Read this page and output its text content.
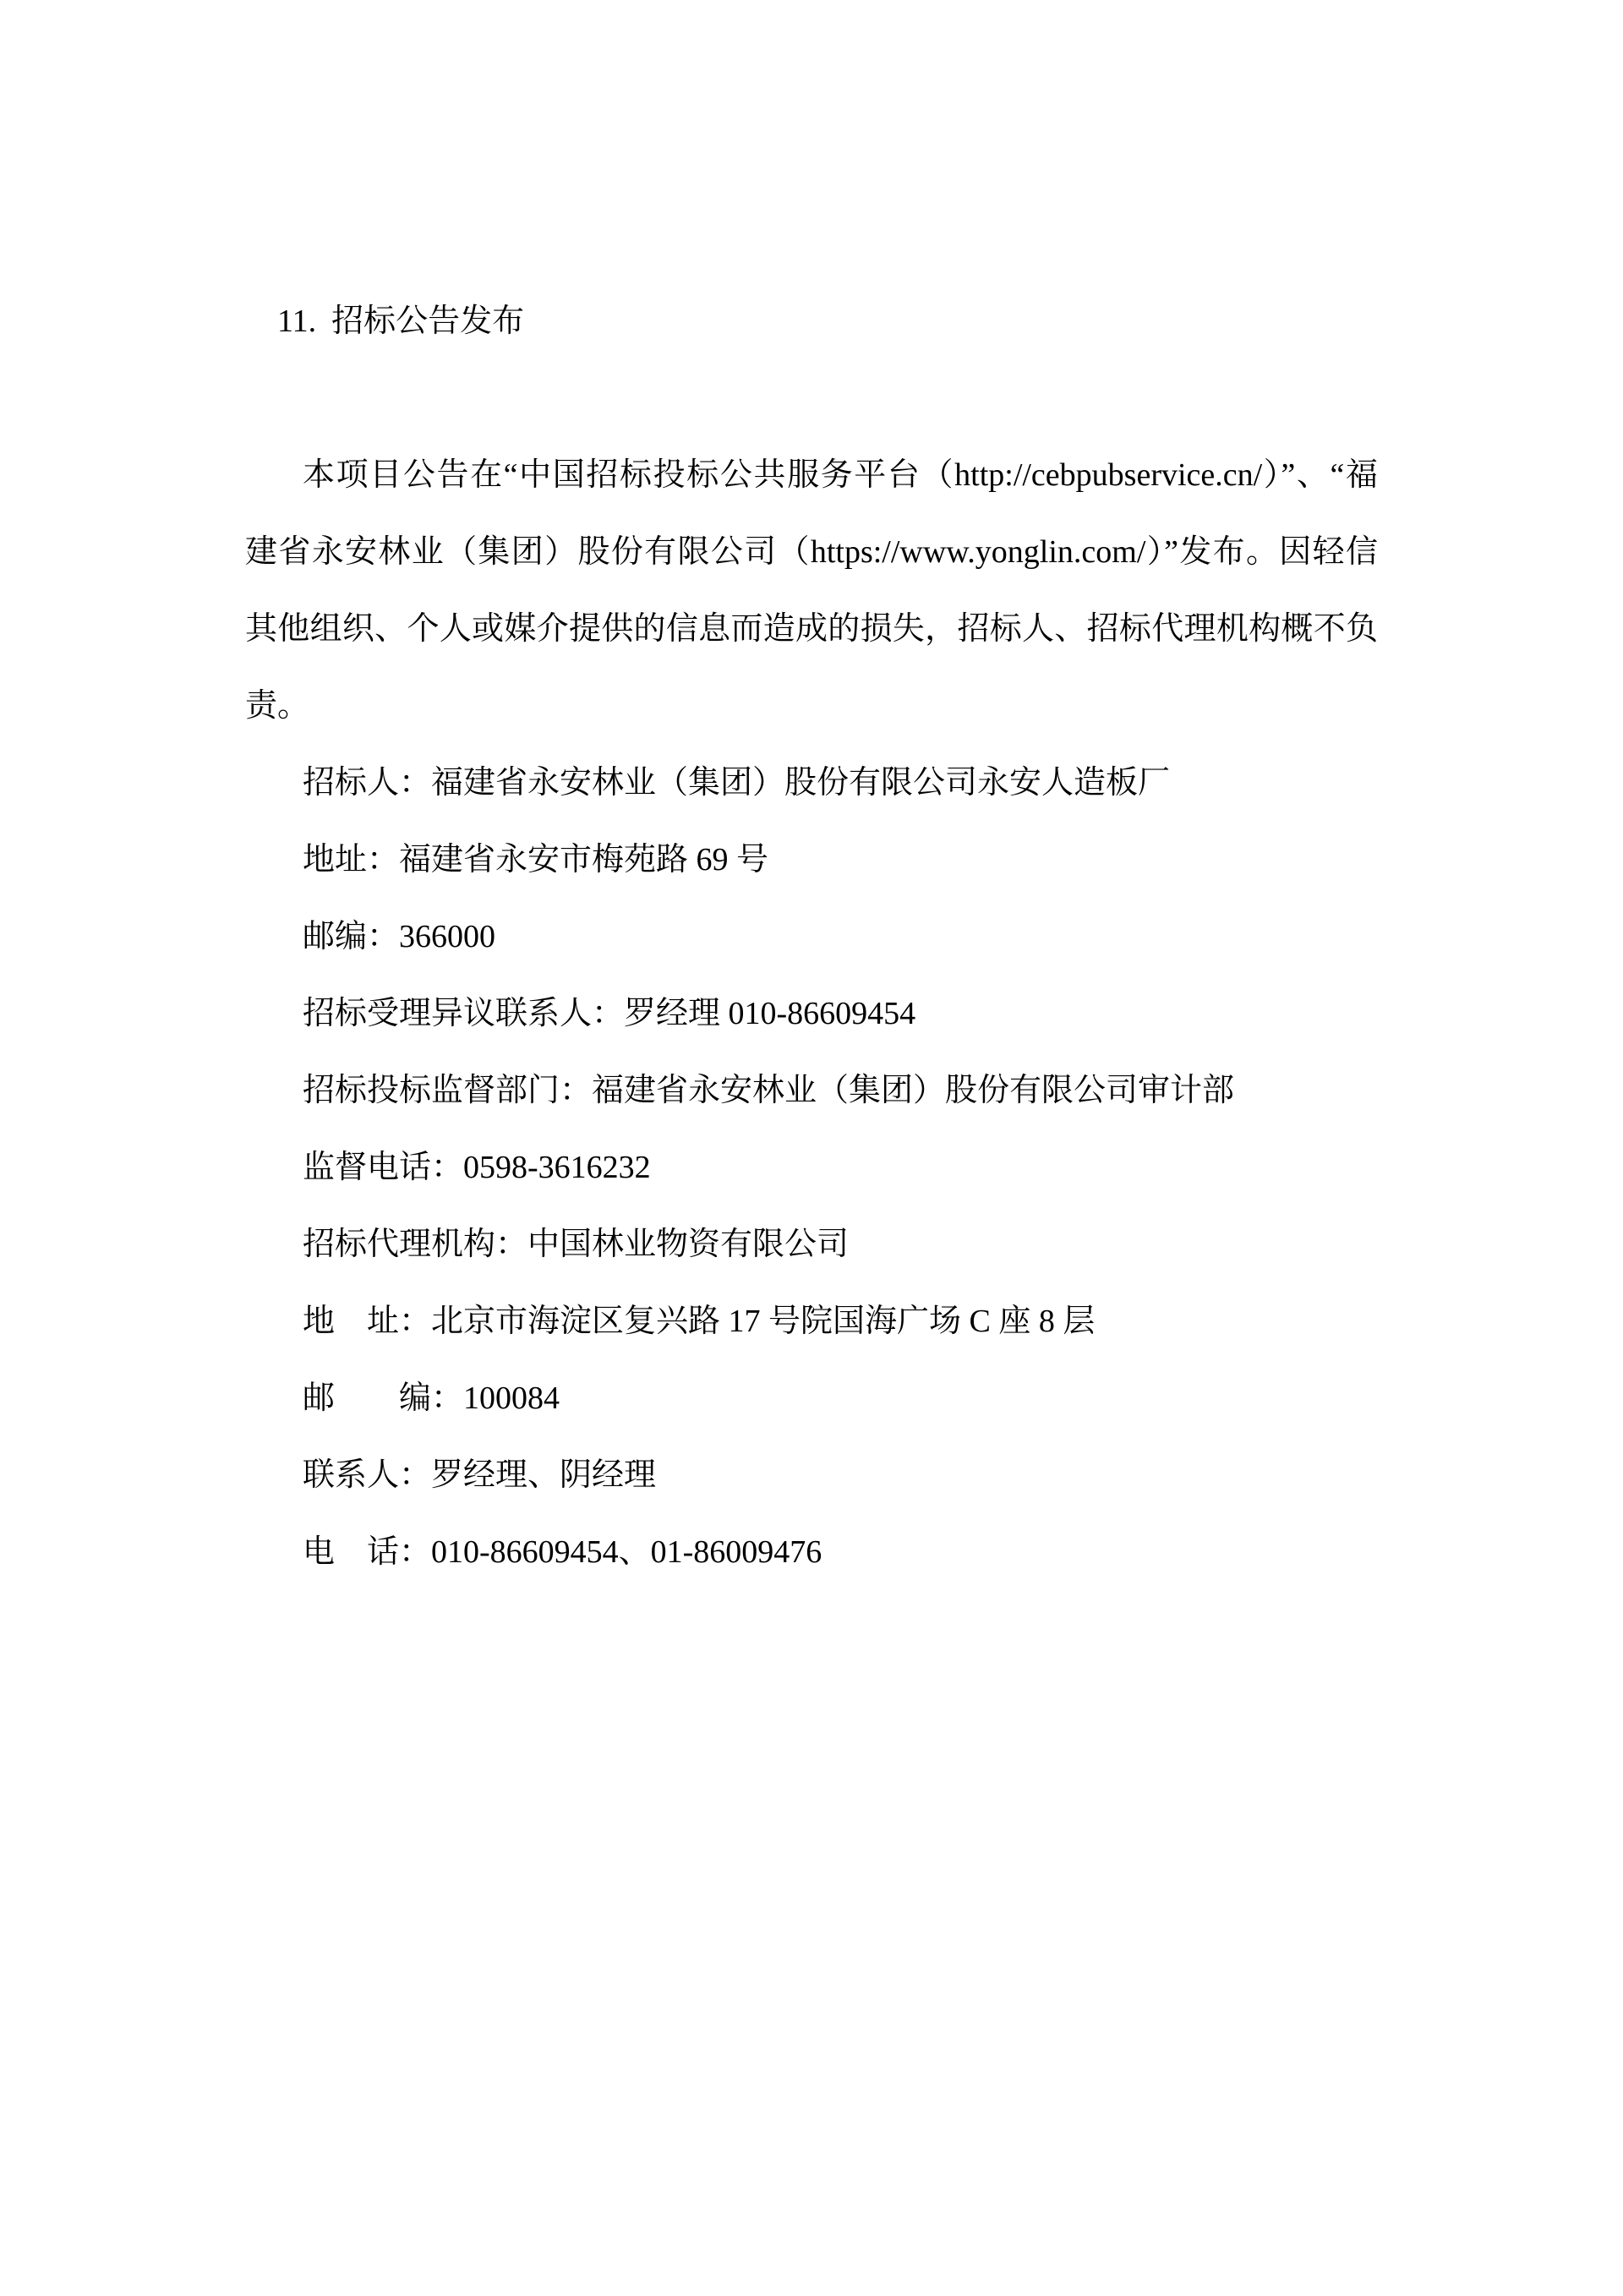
11. 招标公告发布

本项目公告在“中国招标投标公共服务平台（http://cebpubservice.cn/）”、“福
建省永安林业（集团）股份有限公司（https://www.yonglin.com/）”发布。因轻信
其他组织、个人或媒介提供的信息而造成的损失，招标人、招标代理机构概不负
责。
招标人：福建省永安林业（集团）股份有限公司永安人造板厂
地址：福建省永安市梅苑路 69 号
邮编：366000
招标受理异议联系人：罗经理 010-86609454
招标投标监督部门：福建省永安林业（集团）股份有限公司审计部
监督电话：0598-3616232
招标代理机构：中国林业物资有限公司
地　址：北京市海淀区复兴路 17 号院国海广场 C 座 8 层
邮　　编：100084
联系人：罗经理、阴经理
电　话：010-86609454、01-86009476
